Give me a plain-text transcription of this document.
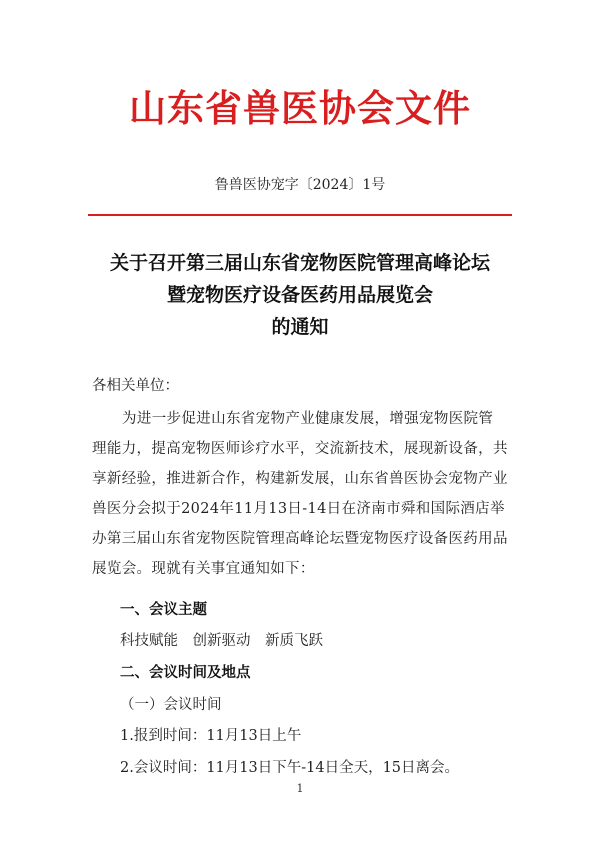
山东省兽医协会文件
鲁兽医协宠字〔2024〕1号
关于召开第三届山东省宠物医院管理高峰论坛
暨宠物医疗设备医药用品展览会
的通知
各相关单位：
为进一步促进山东省宠物产业健康发展，增强宠物医院管理能力，提高宠物医师诊疗水平，交流新技术，展现新设备，共享新经验，推进新合作，构建新发展，山东省兽医协会宠物产业兽医分会拟于2024年11月13日-14日在济南市舜和国际酒店举办第三届山东省宠物医院管理高峰论坛暨宠物医疗设备医药用品展览会。现就有关事宜通知如下：
一、会议主题
科技赋能　创新驱动　新质飞跃
二、会议时间及地点
（一）会议时间
1.报到时间：11月13日上午
2.会议时间：11月13日下午-14日全天，15日离会。
1
